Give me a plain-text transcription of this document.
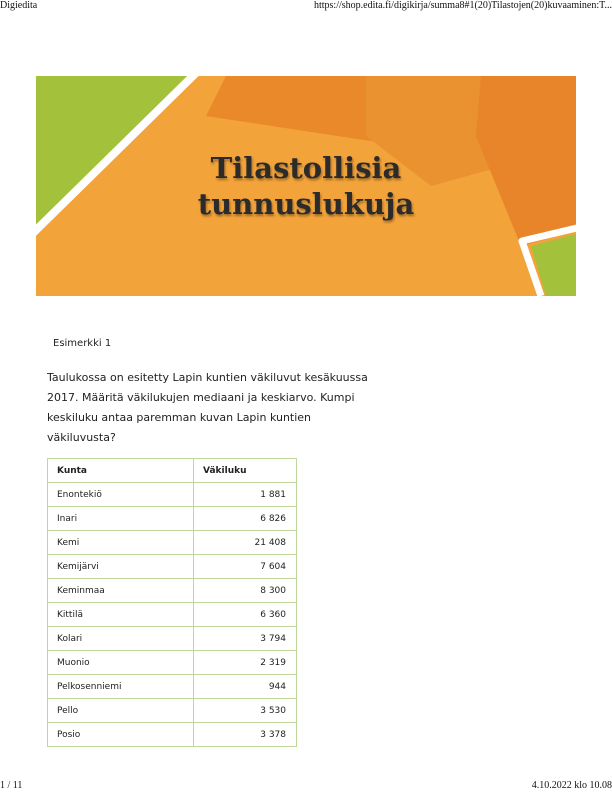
Digiedita	https://shop.edita.fi/digikirja/summa8#1(20)Tilastojen(20)kuvaaminen:T...
Tilastollisia
tunnuslukuja
Esimerkki 1
Taulukossa on esitetty Lapin kuntien väkiluvut kesäkuussa 2017. Määritä väkilukujen mediaani ja keskiarvo. Kumpi keskiluku antaa paremman kuvan Lapin kuntien väkiluvusta?
Kunta	Väkiluku
Enontekiö	1 881
Inari	6 826
Kemi	21 408
Kemijärvi	7 604
Keminmaa	8 300
Kittilä	6 360
Kolari	3 794
Muonio	2 319
Pelkosenniemi	944
Pello	3 530
Posio	3 378
1 / 11	4.10.2022 klo 10.08
